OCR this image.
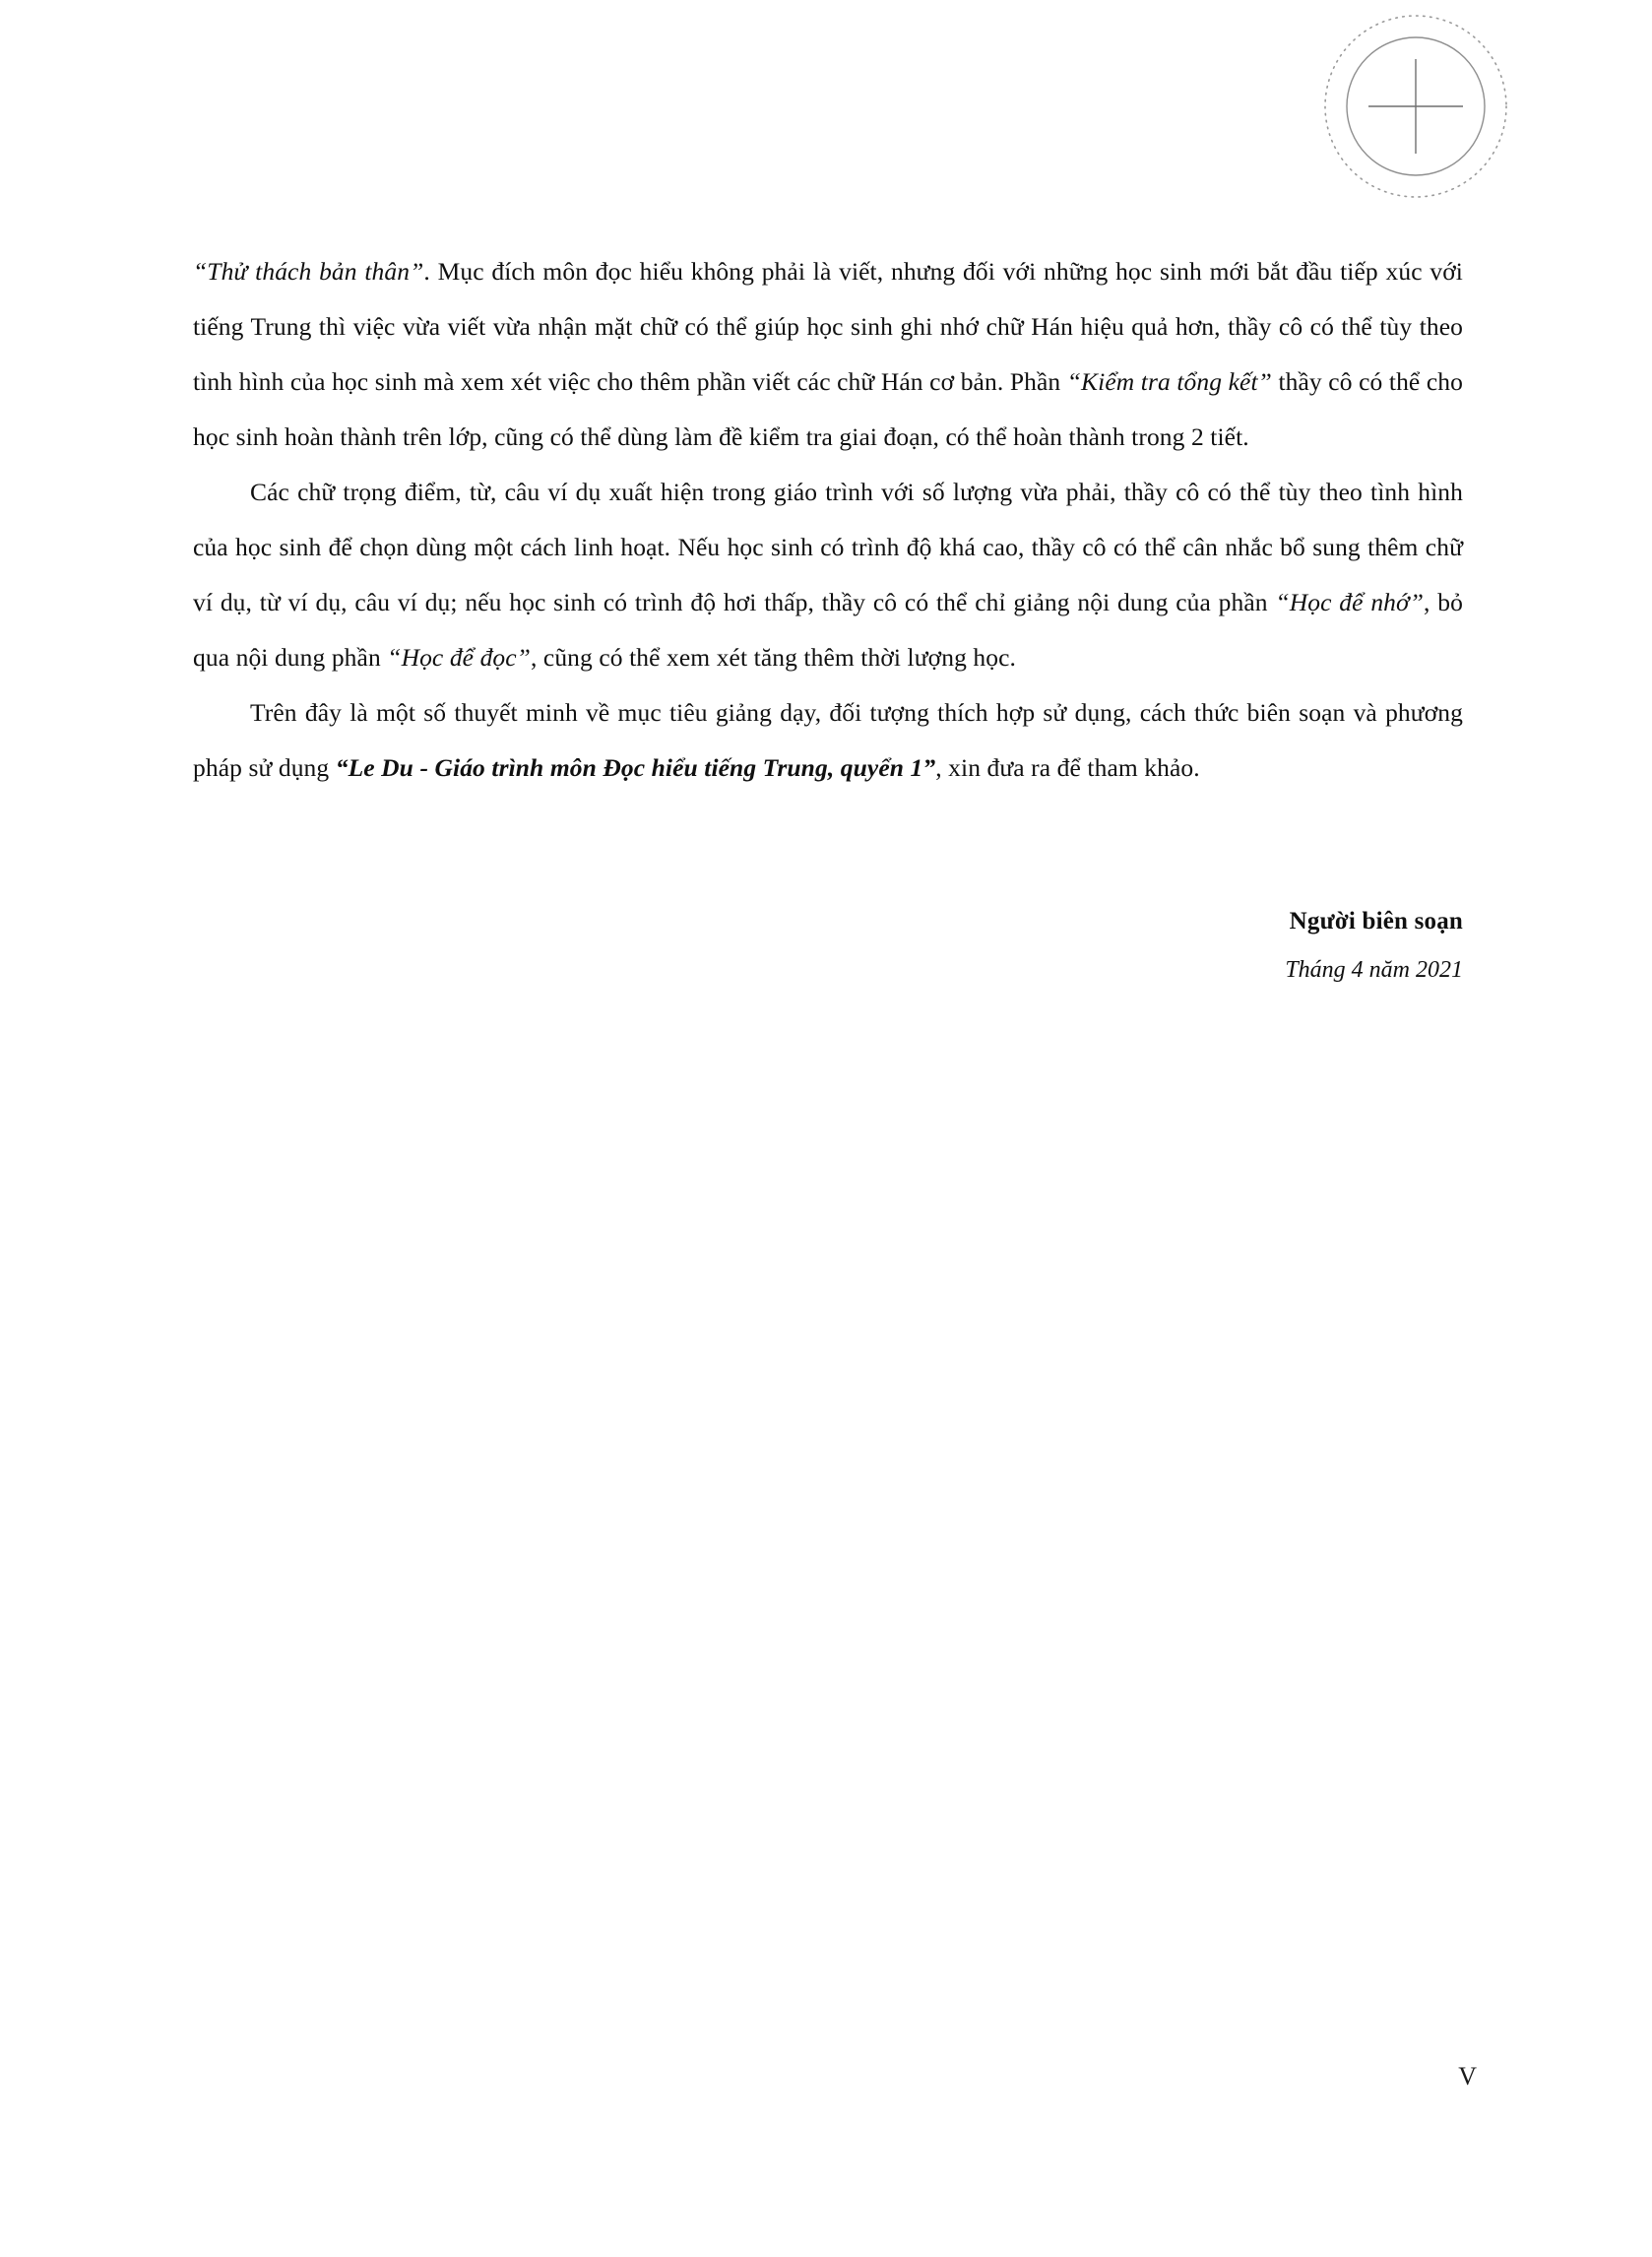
“Thử thách bản thân”. Mục đích môn đọc hiểu không phải là viết, nhưng đối với những học sinh mới bắt đầu tiếp xúc với tiếng Trung thì việc vừa viết vừa nhận mặt chữ có thể giúp học sinh ghi nhớ chữ Hán hiệu quả hơn, thầy cô có thể tùy theo tình hình của học sinh mà xem xét việc cho thêm phần viết các chữ Hán cơ bản. Phần “Kiểm tra tổng kết” thầy cô có thể cho học sinh hoàn thành trên lớp, cũng có thể dùng làm đề kiểm tra giai đoạn, có thể hoàn thành trong 2 tiết.

Các chữ trọng điểm, từ, câu ví dụ xuất hiện trong giáo trình với số lượng vừa phải, thầy cô có thể tùy theo tình hình của học sinh để chọn dùng một cách linh hoạt. Nếu học sinh có trình độ khá cao, thầy cô có thể cân nhắc bổ sung thêm chữ ví dụ, từ ví dụ, câu ví dụ; nếu học sinh có trình độ hơi thấp, thầy cô có thể chỉ giảng nội dung của phần “Học để nhớ”, bỏ qua nội dung phần “Học để đọc”, cũng có thể xem xét tăng thêm thời lượng học.

Trên đây là một số thuyết minh về mục tiêu giảng dạy, đối tượng thích hợp sử dụng, cách thức biên soạn và phương pháp sử dụng “Le Du - Giáo trình môn Đọc hiểu tiếng Trung, quyển 1”, xin đưa ra để tham khảo.

Người biên soạn
Tháng 4 năm 2021
V
